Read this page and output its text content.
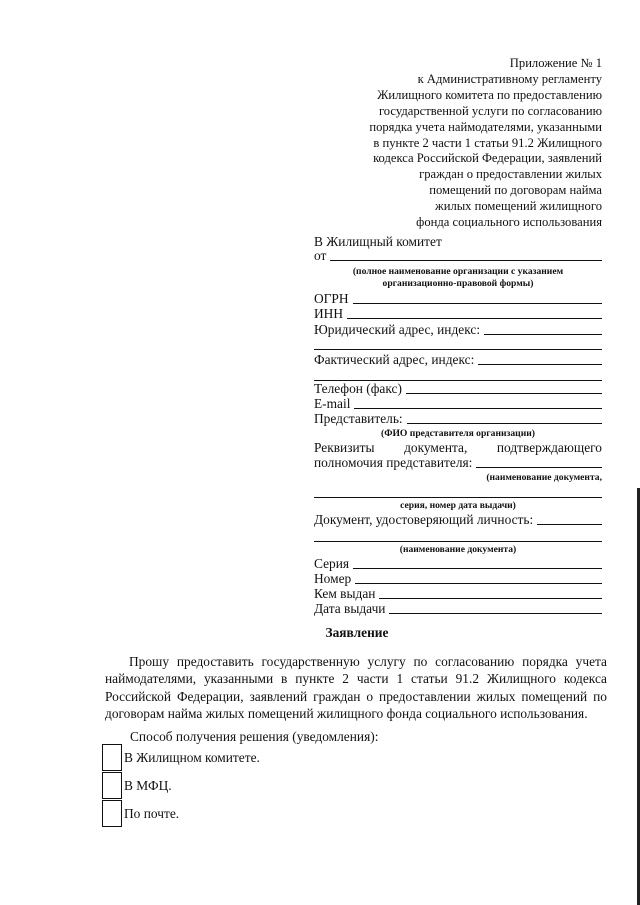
Приложение № 1
к Административному регламенту
Жилищного комитета по предоставлению
государственной услуги по согласованию
порядка учета наймодателями, указанными
в пункте 2 части 1 статьи 91.2 Жилищного
кодекса Российской Федерации, заявлений
граждан о предоставлении жилых
помещений по договорам найма
жилых помещений жилищного
фонда социального использования
В Жилищный комитет
от
(полное наименование организации с указанием
организационно-правовой формы)
ОГРН
ИНН
Юридический адрес, индекс:
Фактический адрес, индекс:
Телефон (факс)
E-mail
Представитель:
(ФИО представителя организации)
Реквизиты документа, подтверждающего
полномочия представителя:
(наименование документа,
серия, номер дата выдачи)
Документ, удостоверяющий личность:
(наименование документа)
Серия
Номер
Кем выдан
Дата выдачи
Заявление
Прошу предоставить государственную услугу по согласованию порядка учета наймодателями, указанными в пункте 2 части 1 статьи 91.2 Жилищного кодекса Российской Федерации, заявлений граждан о предоставлении жилых помещений по договорам найма жилых помещений жилищного фонда социального использования.
Способ получения решения (уведомления):
В Жилищном комитете.
В МФЦ.
По почте.
